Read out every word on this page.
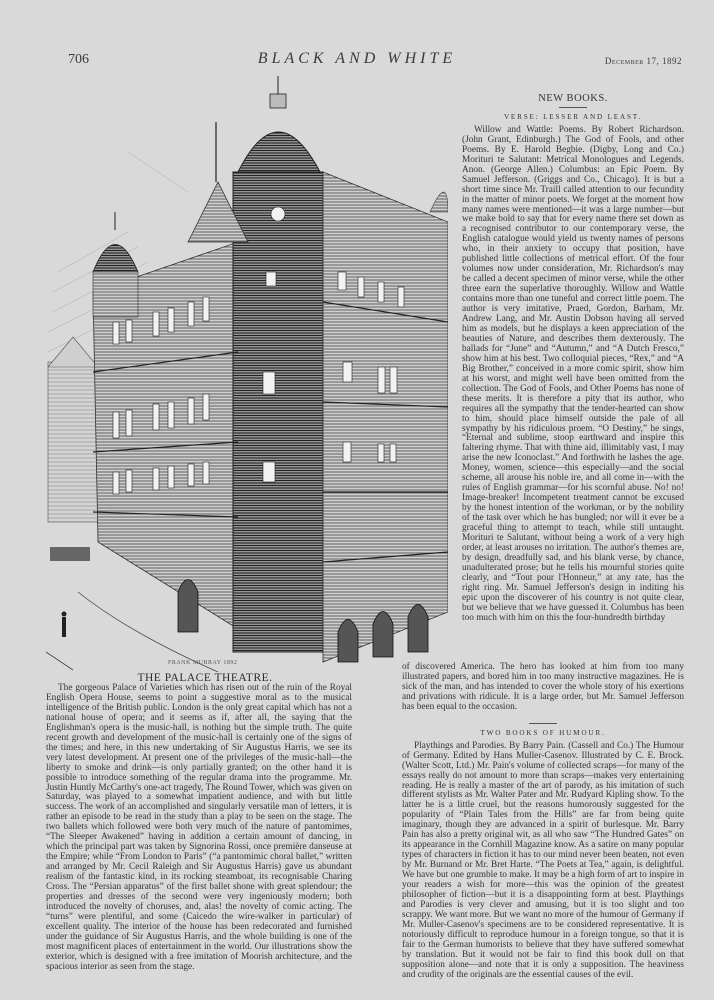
706	BLACK AND WHITE	December 17, 1892
FRANK MURRAY 1892
THE PALACE THEATRE.

The gorgeous Palace of Varieties which has risen out of the ruin of the Royal English Opera House, seems to point a suggestive moral as to the musical intelligence of the British public. London is the only great capital which has not a national house of opera; and it seems as if, after all, the saying that the Englishman's opera is the music-hall, is nothing but the simple truth. The quite recent growth and development of the music-hall is certainly one of the signs of the times; and here, in this new undertaking of Sir Augustus Harris, we see its very latest development. At present one of the privileges of the music-hall—the liberty to smoke and drink—is only partially granted; on the other hand it is possible to introduce something of the regular drama into the programme. Mr. Justin Huntly McCarthy's one-act tragedy, The Round Tower, which was given on Saturday, was played to a somewhat impatient audience, and with but little success. The work of an accomplished and singularly versatile man of letters, it is rather an episode to be read in the study than a play to be seen on the stage. The two ballets which followed were both very much of the nature of pantomimes, “The Sleeper Awakened” having in addition a certain amount of dancing, in which the principal part was taken by Signorina Rossi, once première danseuse at the Empire; while “From London to Paris” (“a pantomimic choral ballet,” written and arranged by Mr. Cecil Raleigh and Sir Augustus Harris) gave us abundant realism of the fantastic kind, in its rocking steamboat, its recognisable Charing Cross. The “Persian apparatus” of the first ballet shone with great splendour; the properties and dresses of the second were very ingeniously modern; both introduced the novelty of choruses, and, alas! the novelty of comic acting. The “turns” were plentiful, and some (Caicedo the wire-walker in particular) of excellent quality. The interior of the house has been redecorated and furnished under the guidance of Sir Augustus Harris, and the whole building is one of the most magnificent places of entertainment in the world. Our illustrations show the exterior, which is designed with a free imitation of Moorish architecture, and the spacious interior as seen from the stage.

NEW BOOKS.
VERSE: LESSER AND LEAST.

Willow and Wattle: Poems. By Robert Richardson. (John Grant, Edinburgh.) The God of Fools, and other Poems. By E. Harold Begbie. (Digby, Long and Co.) Morituri te Salutant: Metrical Monologues and Legends. Anon. (George Allen.) Columbus: an Epic Poem. By Samuel Jefferson. (Griggs and Co., Chicago). It is but a short time since Mr. Traill called attention to our fecundity in the matter of minor poets. We forget at the moment how many names were mentioned—it was a large number—but we make bold to say that for every name there set down as a recognised contributor to our contemporary verse, the English catalogue would yield us twenty names of persons who, in their anxiety to occupy that position, have published little collections of metrical effort. Of the four volumes now under consideration, Mr. Richardson's may be called a decent specimen of minor verse, while the other three earn the superlative thoroughly. Willow and Wattle contains more than one tuneful and correct little poem. The author is very imitative, Praed, Gordon, Barham, Mr. Andrew Lang, and Mr. Austin Dobson having all served him as models, but he displays a keen appreciation of the beauties of Nature, and describes them dexterously. The ballads for “June” and “Autumn,” and “A Dutch Fresco,” show him at his best. Two colloquial pieces, “Rex,” and “A Big Brother,” conceived in a more comic spirit, show him at his worst, and might well have been omitted from the collection. The God of Fools, and Other Poems has none of these merits. It is therefore a pity that its author, who requires all the sympathy that the tender-hearted can show to him, should place himself outside the pale of all sympathy by his ridiculous proem. “O Destiny,” he sings, “Eternal and sublime, stoop earthward and inspire this faltering rhyme. That with thine aid, illimitably vast, I may arise the new Iconoclast.” And forthwith he lashes the age. Money, women, science—this especially—and the social scheme, all arouse his noble ire, and all come in—with the rules of English grammar—for his scornful abuse. No! no! Image-breaker! Incompetent treatment cannot be excused by the honest intention of the workman, or by the nobility of the task over which he has bungled; nor will it ever be a graceful thing to attempt to teach, while still untaught. Morituri te Salutant, without being a work of a very high order, at least arouses no irritation. The author's themes are, by design, dreadfully sad, and his blank verse, by chance, unadulterated prose; but he tells his mournful stories quite clearly, and “Tout pour l'Honneur,” at any rate, has the right ring. Mr. Samuel Jefferson's design in inditing his epic upon the discoverer of his country is not quite clear, but we believe that we have guessed it. Columbus has been too much with him on this the four-hundredth birthday

of discovered America. The hero has looked at him from too many illustrated papers, and bored him in too many instructive magazines. He is sick of the man, and has intended to cover the whole story of his exertions and privations with ridicule. It is a large order, but Mr. Samuel Jefferson has been equal to the occasion.

TWO BOOKS OF HUMOUR.

Playthings and Parodies. By Barry Pain. (Cassell and Co.) The Humour of Germany. Edited by Hans Muller-Casenov. Illustrated by C. E. Brock. (Walter Scott, Ltd.) Mr. Pain's volume of collected scraps—for many of the essays really do not amount to more than scraps—makes very entertaining reading. He is really a master of the art of parody, as his imitation of such different stylists as Mr. Walter Pater and Mr. Rudyard Kipling show. To the latter he is a little cruel, but the reasons humorously suggested for the popularity of “Plain Tales from the Hills” are far from being quite imaginary, though they are advanced in a spirit of burlesque. Mr. Barry Pain has also a pretty original wit, as all who saw “The Hundred Gates” on its appearance in the Cornhill Magazine know. As a satire on many popular types of characters in fiction it has to our mind never been beaten, not even by Mr. Burnand or Mr. Bret Harte. “The Poets at Tea,” again, is delightful. We have but one grumble to make. It may be a high form of art to inspire in your readers a wish for more—this was the opinion of the greatest philosopher of fiction—but it is a disappointing form at best. Playthings and Parodies is very clever and amusing, but it is too slight and too scrappy. We want more. But we want no more of the humour of Germany if Mr. Muller-Casenov's specimens are to be considered representative. It is notoriously difficult to reproduce humour in a foreign tongue, so that it is fair to the German humorists to believe that they have suffered somewhat by translation. But it would not be fair to find this book dull on that supposition alone—and note that it is only a supposition. The heaviness and crudity of the originals are the essential causes of the evil.
